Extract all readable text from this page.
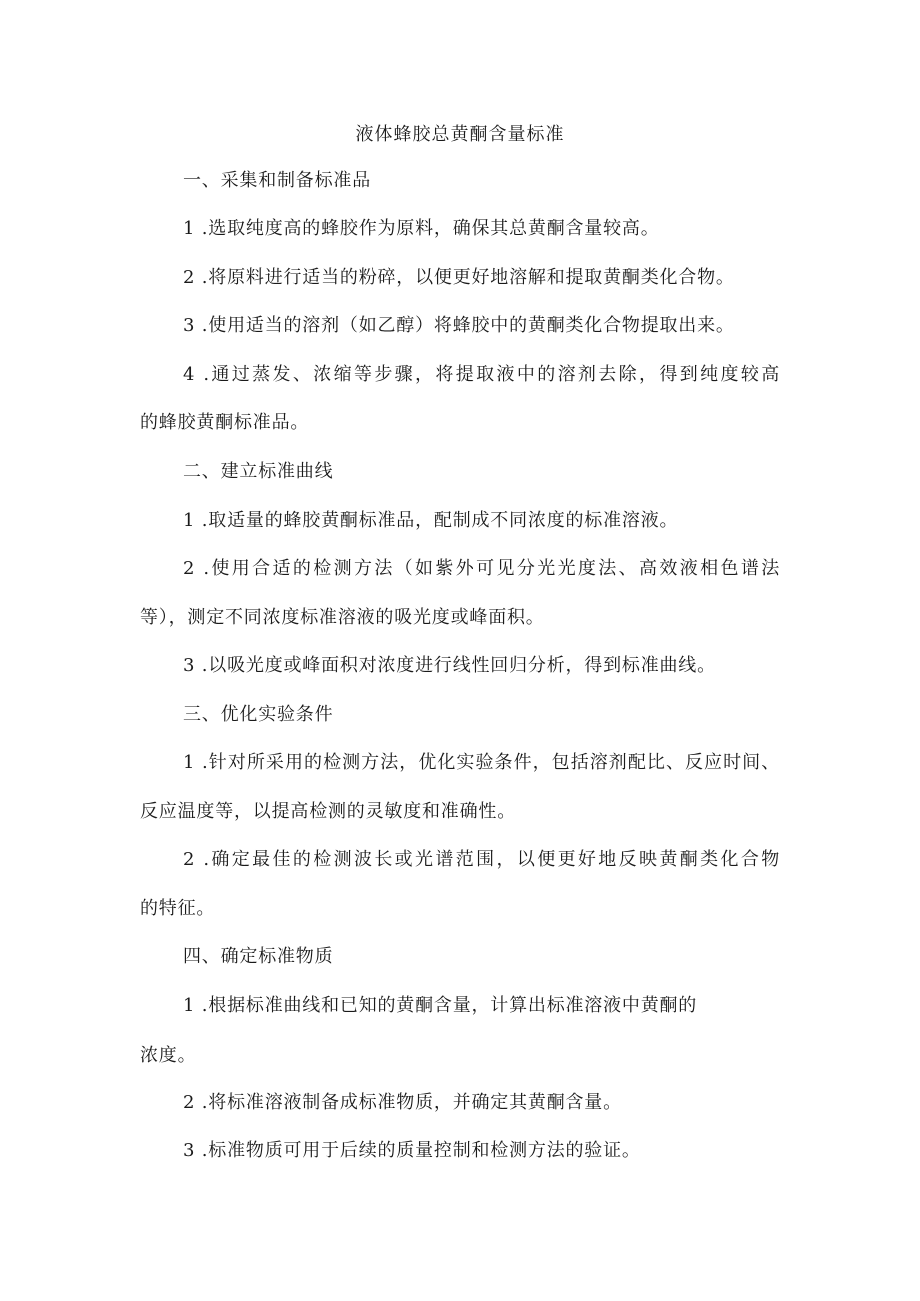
液体蜂胶总黄酮含量标准
一、采集和制备标准品
1 .选取纯度高的蜂胶作为原料，确保其总黄酮含量较高。
2 .将原料进行适当的粉碎，以便更好地溶解和提取黄酮类化合物。
3 .使用适当的溶剂（如乙醇）将蜂胶中的黄酮类化合物提取出来。
4 .通过蒸发、浓缩等步骤，将提取液中的溶剂去除，得到纯度较高
的蜂胶黄酮标准品。
二、建立标准曲线
1 .取适量的蜂胶黄酮标准品，配制成不同浓度的标准溶液。
2 .使用合适的检测方法（如紫外可见分光光度法、高效液相色谱法
等），测定不同浓度标准溶液的吸光度或峰面积。
3 .以吸光度或峰面积对浓度进行线性回归分析，得到标准曲线。
三、优化实验条件
1 .针对所采用的检测方法，优化实验条件，包括溶剂配比、反应时间、
反应温度等，以提高检测的灵敏度和准确性。
2 .确定最佳的检测波长或光谱范围，以便更好地反映黄酮类化合物
的特征。
四、确定标准物质
1 .根据标准曲线和已知的黄酮含量，计算出标准溶液中黄酮的
浓度。
2 .将标准溶液制备成标准物质，并确定其黄酮含量。
3 .标准物质可用于后续的质量控制和检测方法的验证。
